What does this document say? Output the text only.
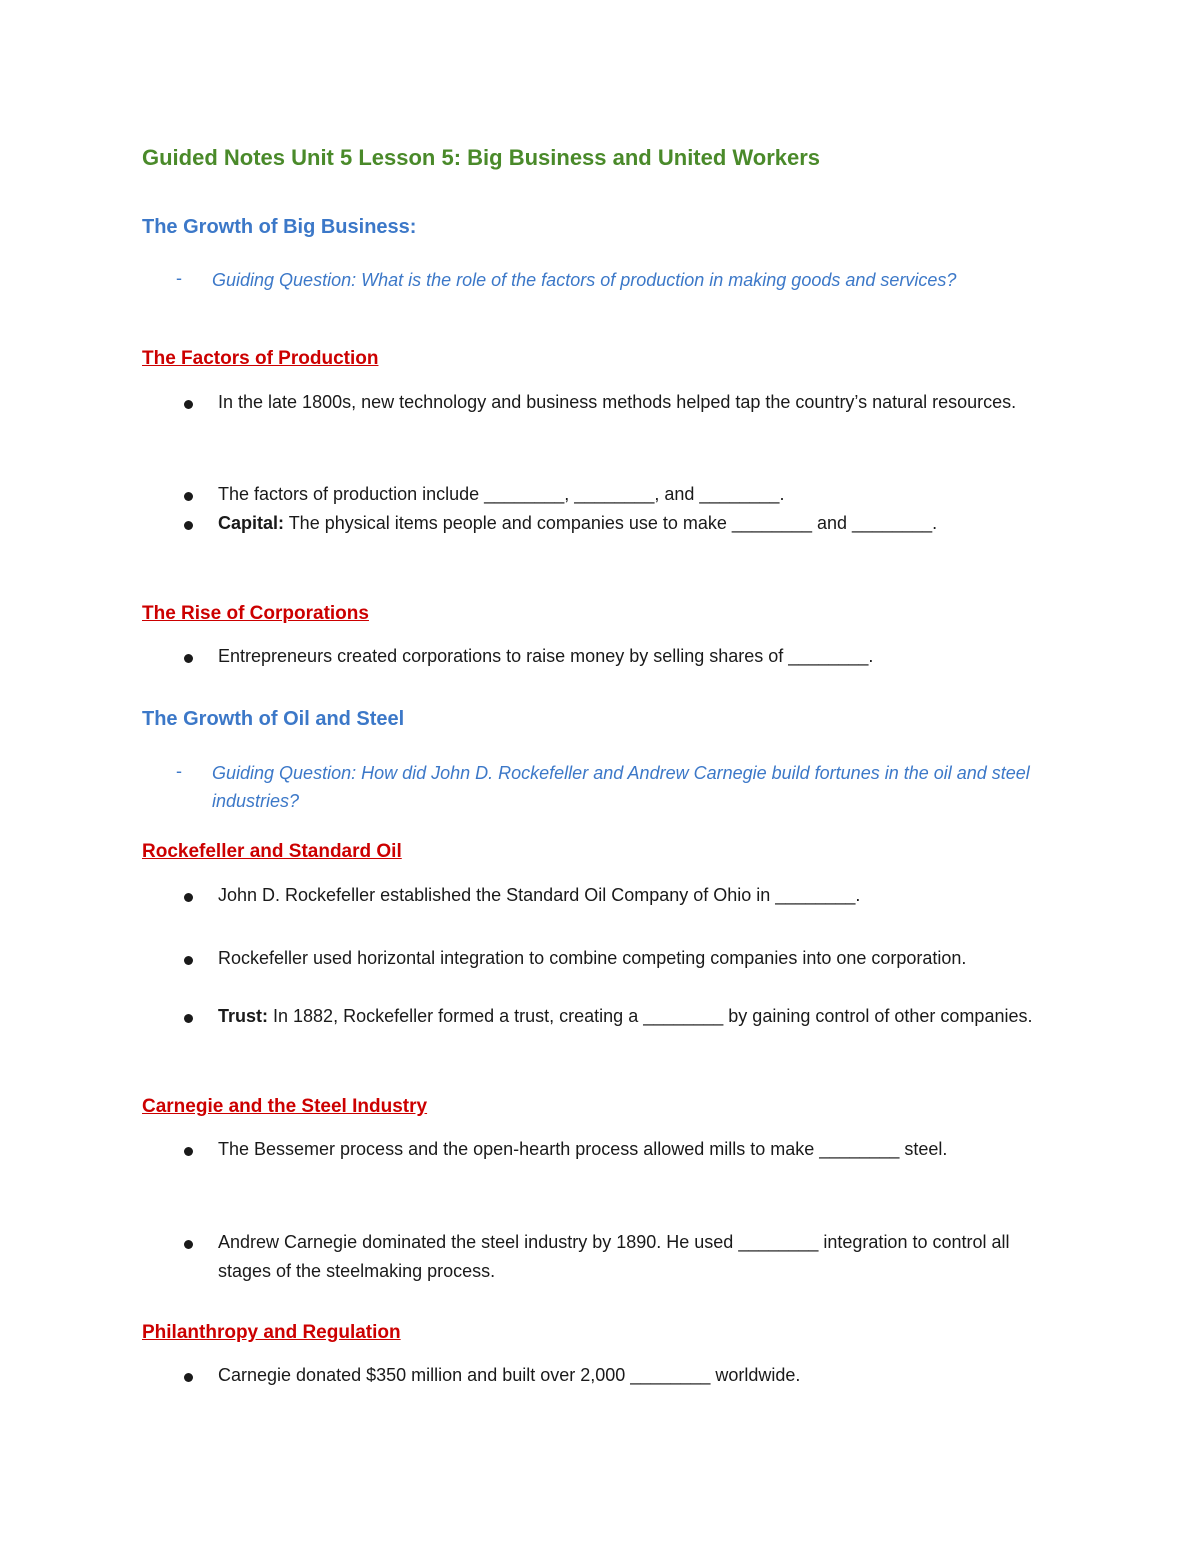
Guided Notes Unit 5 Lesson 5: Big Business and United Workers
The Growth of Big Business:
- Guiding Question: What is the role of the factors of production in making goods and services?

The Factors of Production

In the late 1800s, new technology and business methods helped tap the country’s natural resources.

The factors of production include ________, ________, and ________.

Capital: The physical items people and companies use to make ________ and ________.

The Rise of Corporations

Entrepreneurs created corporations to raise money by selling shares of ________.

The Growth of Oil and Steel
- Guiding Question: How did John D. Rockefeller and Andrew Carnegie build fortunes in the oil and steel industries?

Rockefeller and Standard Oil

John D. Rockefeller established the Standard Oil Company of Ohio in ________.

Rockefeller used horizontal integration to combine competing companies into one corporation.

Trust: In 1882, Rockefeller formed a trust, creating a ________ by gaining control of other companies.

Carnegie and the Steel Industry

The Bessemer process and the open-hearth process allowed mills to make ________ steel.

Andrew Carnegie dominated the steel industry by 1890. He used ________ integration to control all stages of the steelmaking process.

Philanthropy and Regulation

Carnegie donated $350 million and built over 2,000 ________ worldwide.
